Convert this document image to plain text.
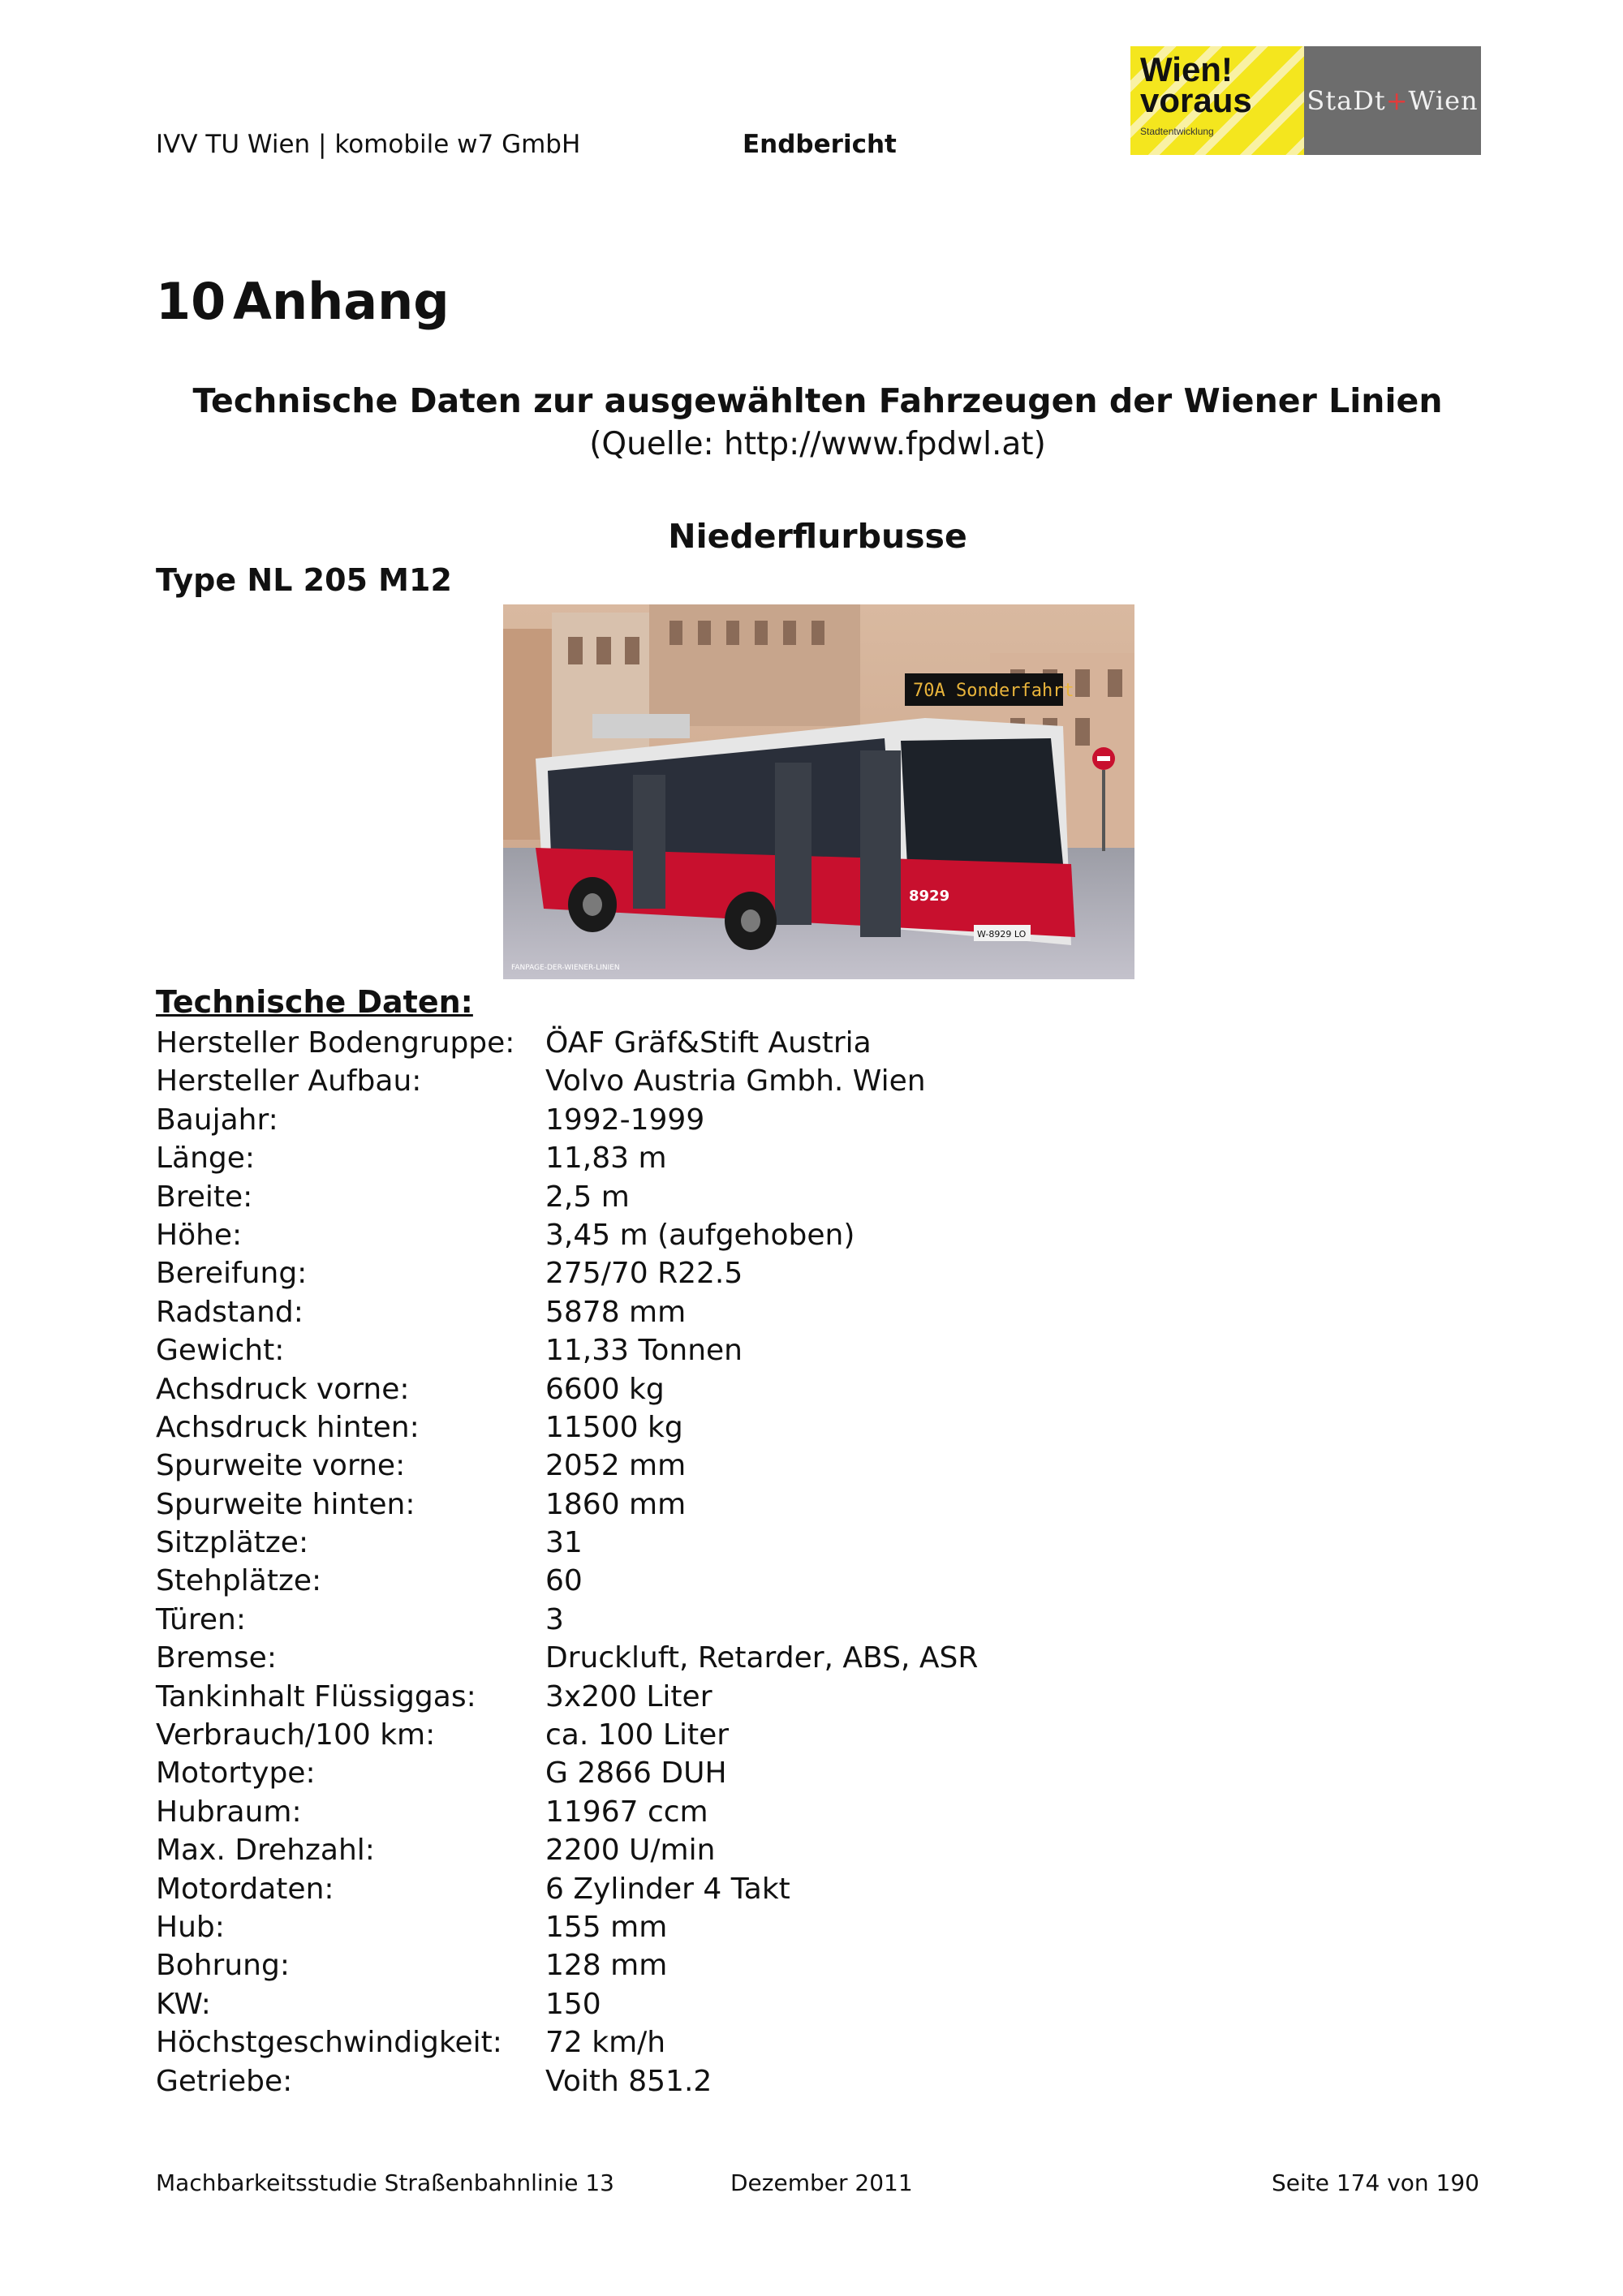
IVV TU Wien | komobile w7 GmbH	Endbericht
Wien!
voraus
Stadtentwicklung
StaDt + Wien
10 Anhang
Technische Daten zur ausgewählten Fahrzeugen der Wiener Linien
(Quelle: http://www.fpdwl.at)
Niederflurbusse
Type NL 205 M12
70A Sonderfahrt
8929
W-8929 LO
FANPAGE-DER-WIENER-LINIEN
Technische Daten:
Hersteller Bodengruppe: ÖAF Gräf&Stift Austria
Hersteller Aufbau:	Volvo Austria Gmbh. Wien
Baujahr:	1992-1999
Länge:	11,83 m
Breite:	2,5 m
Höhe:	3,45 m (aufgehoben)
Bereifung:	275/70 R22.5
Radstand:	5878 mm
Gewicht:	11,33 Tonnen
Achsdruck vorne:	6600 kg
Achsdruck hinten:	11500 kg
Spurweite vorne:	2052 mm
Spurweite hinten:	1860 mm
Sitzplätze:	31
Stehplätze:	60
Türen:	3
Bremse:	Druckluft, Retarder, ABS, ASR
Tankinhalt Flüssiggas: 3x200 Liter
Verbrauch/100 km:	ca. 100 Liter
Motortype:	G 2866 DUH
Hubraum:	11967 ccm
Max. Drehzahl:	2200 U/min
Motordaten:	6 Zylinder 4 Takt
Hub:	155 mm
Bohrung:	128 mm
KW:	150
Höchstgeschwindigkeit: 72 km/h
Getriebe:	Voith 851.2
Machbarkeitsstudie Straßenbahnlinie 13	Dezember 2011	Seite 174 von 190
